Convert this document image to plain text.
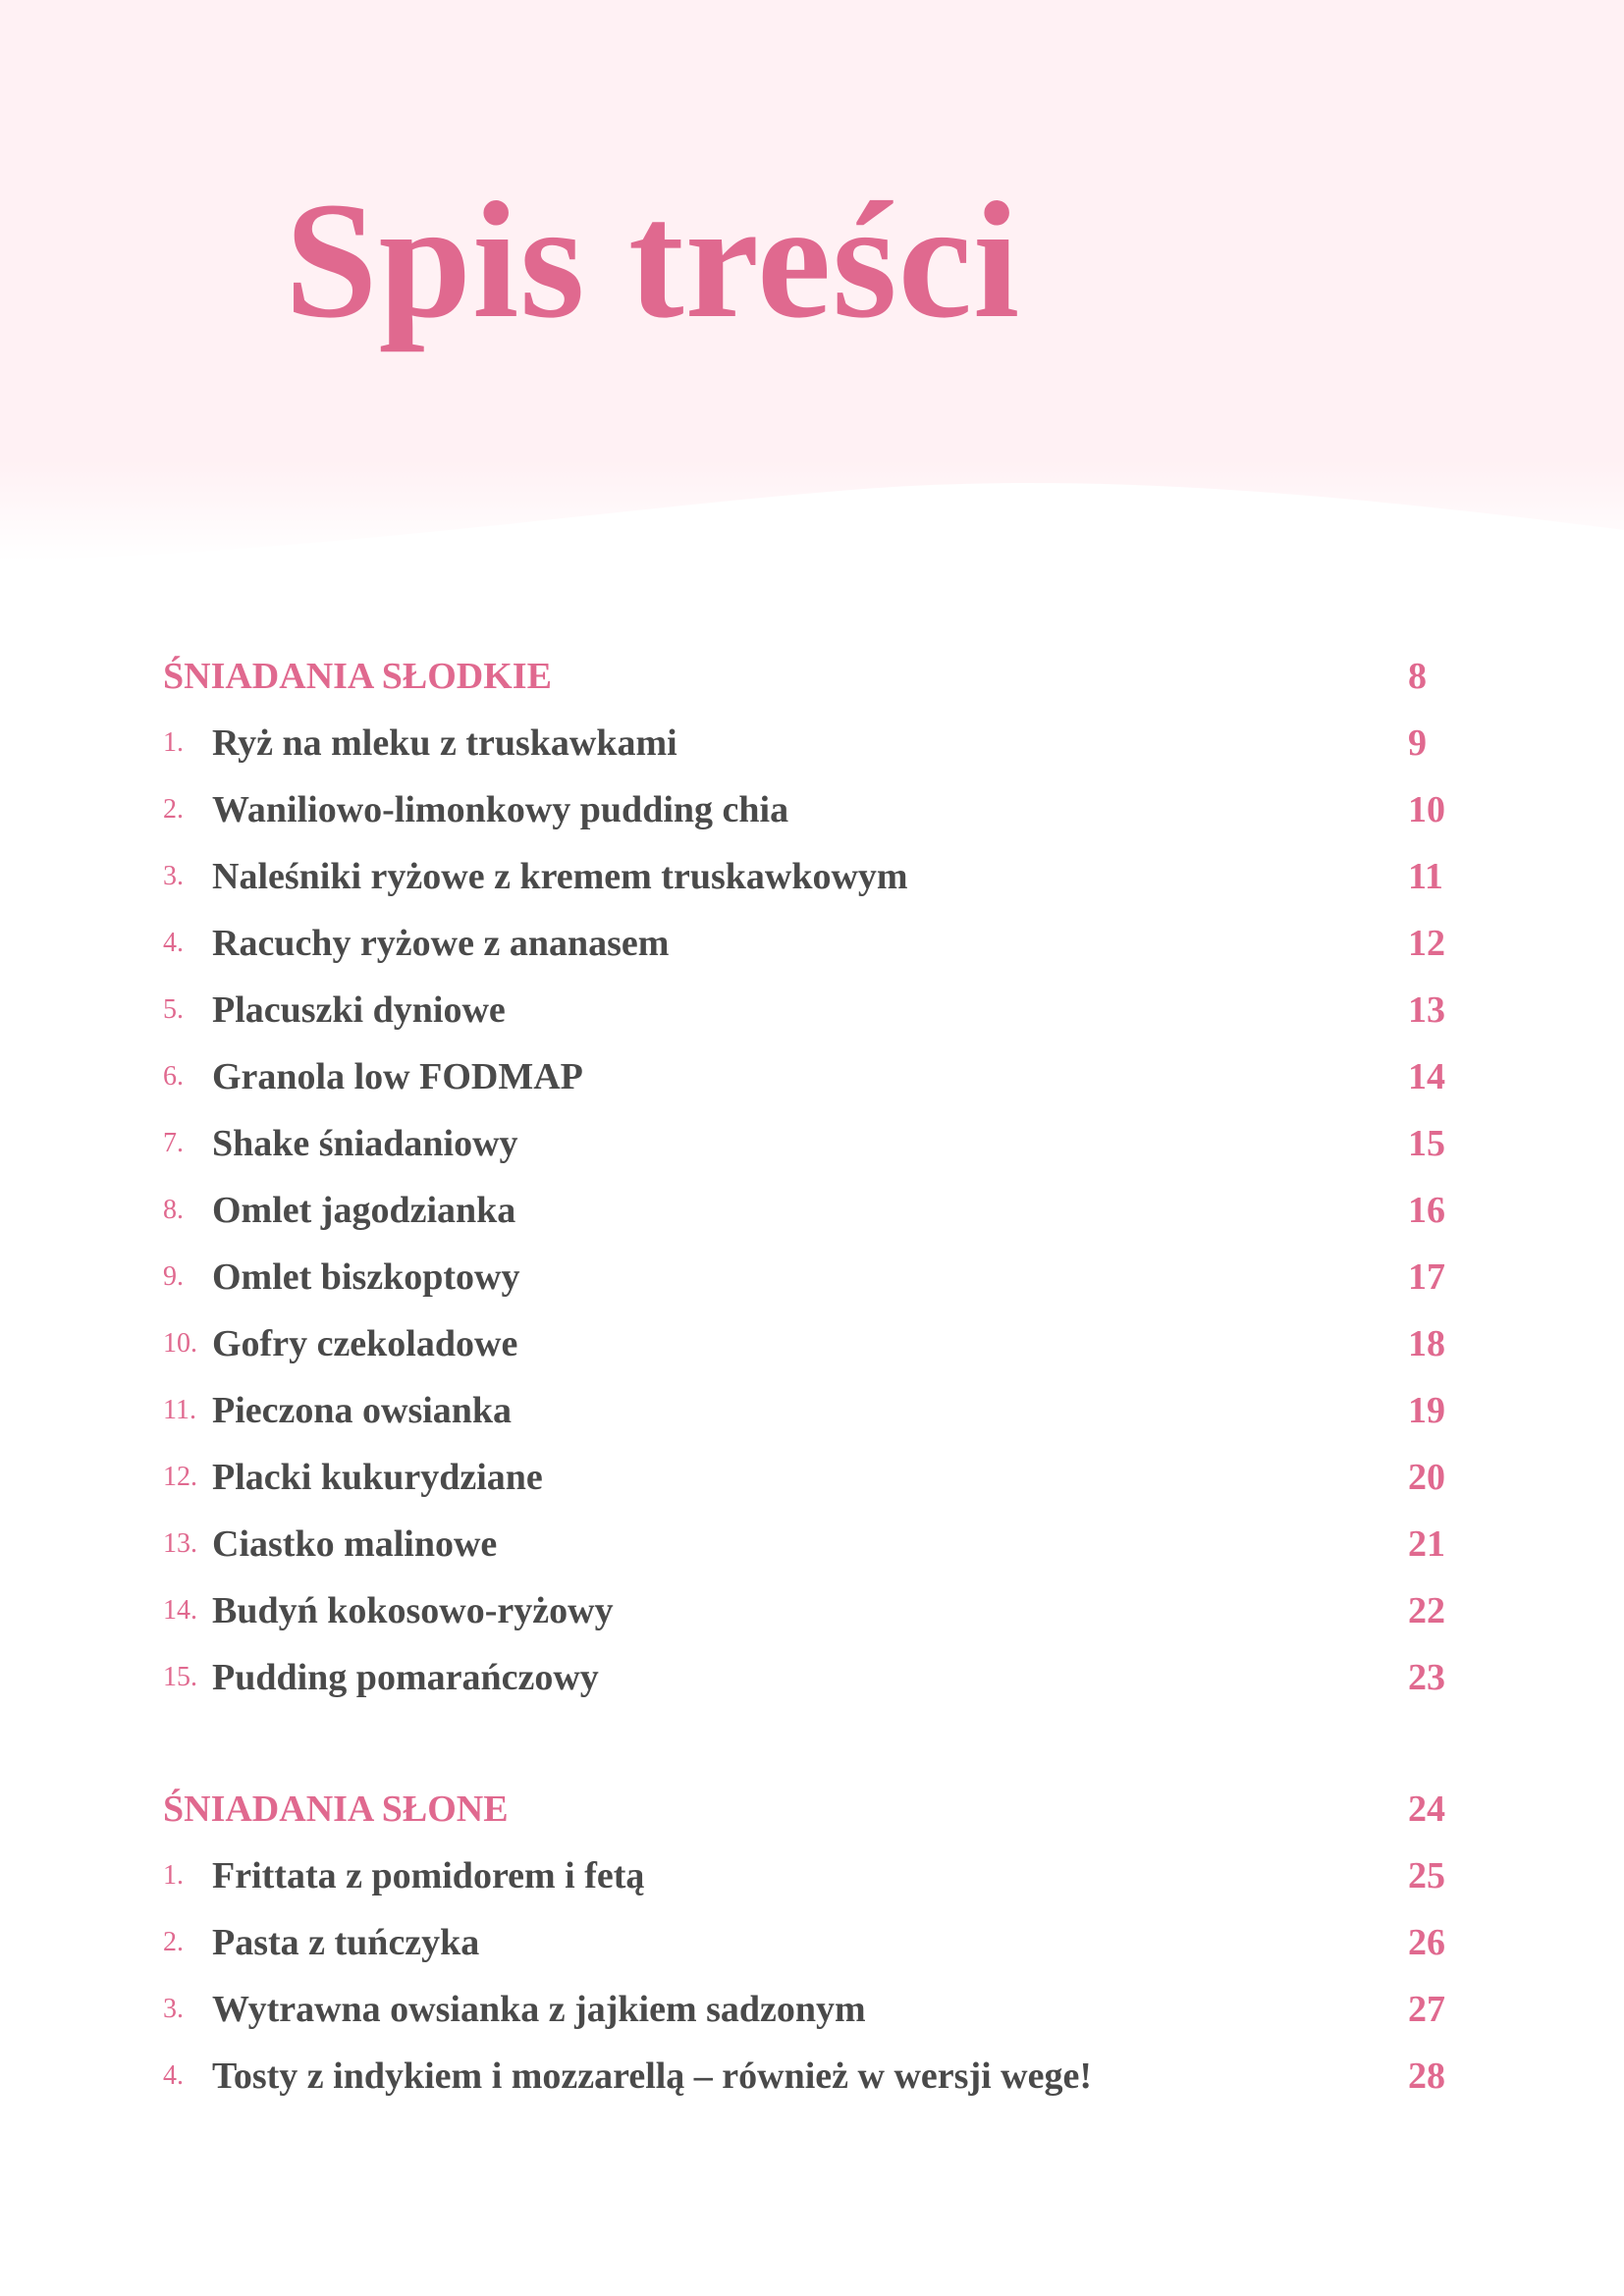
Spis treści
ŚNIADANIA SŁODKIE	8
1. Ryż na mleku z truskawkami	9
2. Waniliowo-limonkowy pudding chia	10
3. Naleśniki ryżowe z kremem truskawkowym	11
4. Racuchy ryżowe z ananasem	12
5. Placuszki dyniowe	13
6. Granola low FODMAP	14
7. Shake śniadaniowy	15
8. Omlet jagodzianka	16
9. Omlet biszkoptowy	17
10. Gofry czekoladowe	18
11. Pieczona owsianka	19
12. Placki kukurydziane	20
13. Ciastko malinowe	21
14. Budyń kokosowo-ryżowy	22
15. Pudding pomarańczowy	23
ŚNIADANIA SŁONE	24
1. Frittata z pomidorem i fetą	25
2. Pasta z tuńczyka	26
3. Wytrawna owsianka z jajkiem sadzonym	27
4. Tosty z indykiem i mozzarellą – również w wersji wege!	28
